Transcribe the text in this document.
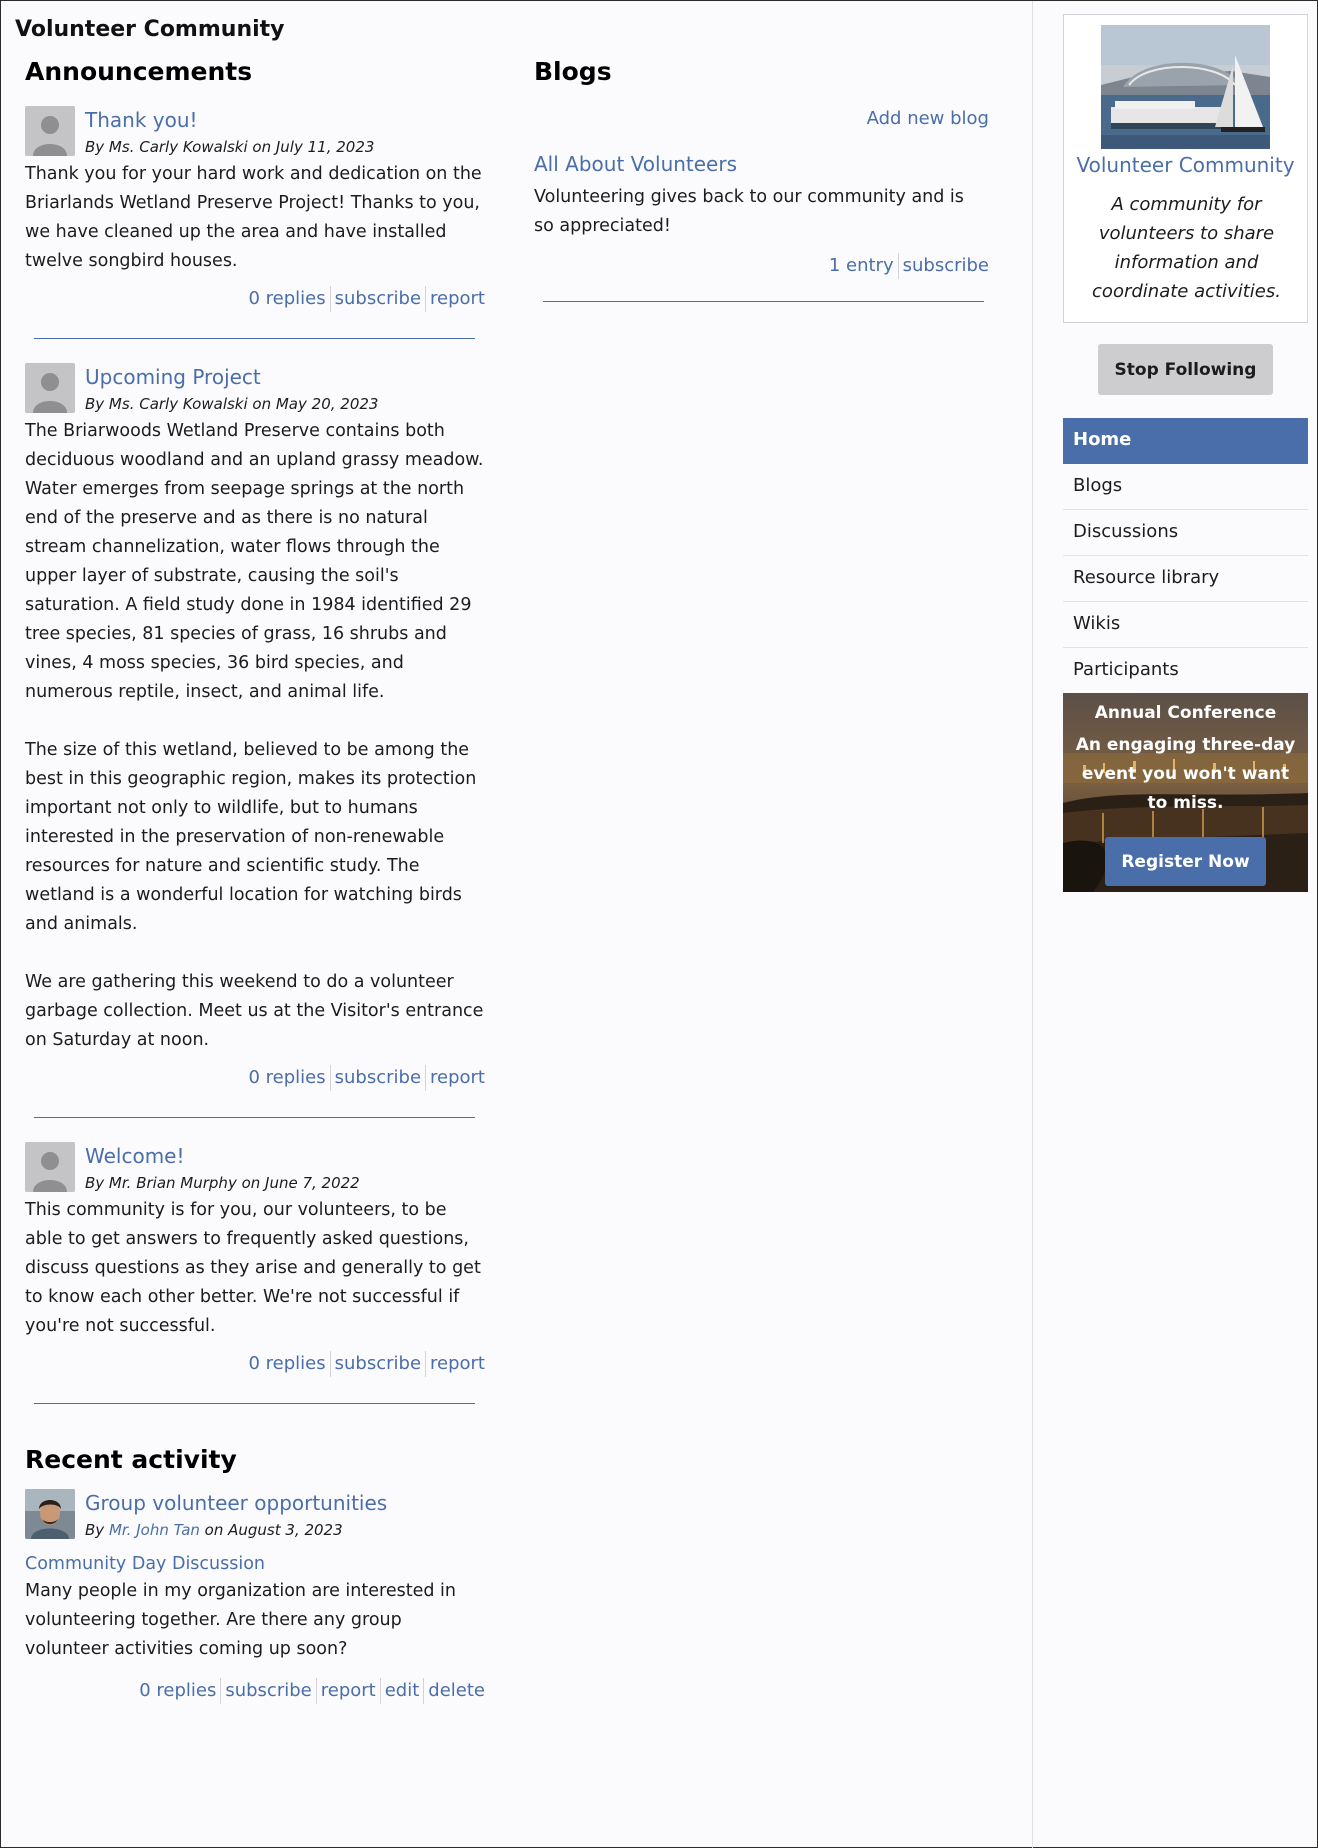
Volunteer Community
Announcements
Thank you!
By Ms. Carly Kowalski on July 11, 2023

Thank you for your hard work and dedication on the Briarlands Wetland Preserve Project! Thanks to you, we have cleaned up the area and have installed twelve songbird houses.

0 replies subscribe report
Upcoming Project
By Ms. Carly Kowalski on May 20, 2023

The Briarwoods Wetland Preserve contains both deciduous woodland and an upland grassy meadow. Water emerges from seepage springs at the north end of the preserve and as there is no natural stream channelization, water flows through the upper layer of substrate, causing the soil's saturation. A field study done in 1984 identified 29 tree species, 81 species of grass, 16 shrubs and vines, 4 moss species, 36 bird species, and numerous reptile, insect, and animal life.

The size of this wetland, believed to be among the best in this geographic region, makes its protection important not only to wildlife, but to humans interested in the preservation of non-renewable resources for nature and scientific study. The wetland is a wonderful location for watching birds and animals.

We are gathering this weekend to do a volunteer garbage collection. Meet us at the Visitor's entrance on Saturday at noon.

0 replies subscribe report
Welcome!
By Mr. Brian Murphy on June 7, 2022

This community is for you, our volunteers, to be able to get answers to frequently asked questions, discuss questions as they arise and generally to get to know each other better. We're not successful if you're not successful.

0 replies subscribe report
Recent activity
Group volunteer opportunities
By Mr. John Tan on August 3, 2023
Community Day Discussion
Many people in my organization are interested in volunteering together. Are there any group volunteer activities coming up soon?
0 replies subscribe report edit delete
Blogs
Add new blog
All About Volunteers
Volunteering gives back to our community and is so appreciated!
1 entry subscribe
Volunteer Community
A community for volunteers to share information and coordinate activities.
Stop Following
Home
Blogs
Discussions
Resource library
Wikis
Participants
Annual Conference
An engaging three-day event you won't want to miss.
Register Now
